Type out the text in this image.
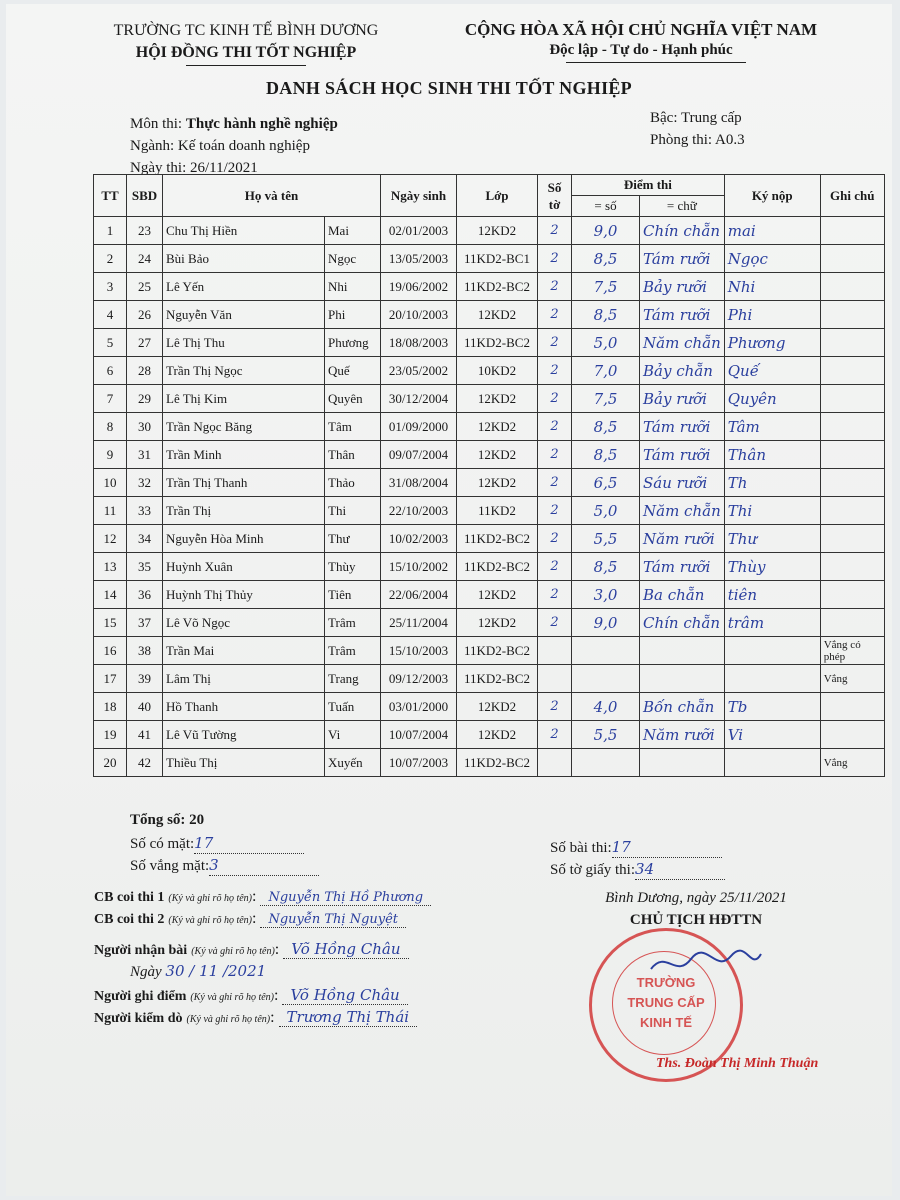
TRƯỜNG TC KINH TẾ BÌNH DƯƠNG
HỘI ĐỒNG THI TỐT NGHIỆP
CỘNG HÒA XÃ HỘI CHỦ NGHĨA VIỆT NAM
Độc lập - Tự do - Hạnh phúc
DANH SÁCH HỌC SINH THI TỐT NGHIỆP
Môn thi: Thực hành nghề nghiệp
Ngành: Kế toán doanh nghiệp
Ngày thi: 26/11/2021
Bậc: Trung cấp
Phòng thi: A0.3
TT	SBD	Họ và tên		Ngày sinh	Lớp	Số
tờ	Điểm thi		Ký nộp	Ghi chú
							= số	= chữ		
1	23	Chu Thị Hiền	Mai	02/01/2003	12KD2	2	9,0	Chín chẵn	mai	
2	24	Bùi Bảo	Ngọc	13/05/2003	11KD2-BC1	2	8,5	Tám rưỡi	Ngọc	
3	25	Lê Yến	Nhi	19/06/2002	11KD2-BC2	2	7,5	Bảy rưỡi	Nhi	
4	26	Nguyễn Văn	Phi	20/10/2003	12KD2	2	8,5	Tám rưỡi	Phi	
5	27	Lê Thị Thu	Phương	18/08/2003	11KD2-BC2	2	5,0	Năm chẵn	Phương	
6	28	Trần Thị Ngọc	Quế	23/05/2002	10KD2	2	7,0	Bảy chẵn	Quế	
7	29	Lê Thị Kim	Quyên	30/12/2004	12KD2	2	7,5	Bảy rưỡi	Quyên	
8	30	Trần Ngọc Băng	Tâm	01/09/2000	12KD2	2	8,5	Tám rưỡi	Tâm	
9	31	Trần Minh	Thân	09/07/2004	12KD2	2	8,5	Tám rưỡi	Thân	
10	32	Trần Thị Thanh	Thảo	31/08/2004	12KD2	2	6,5	Sáu rưỡi	Th	
11	33	Trần Thị	Thi	22/10/2003	11KD2	2	5,0	Năm chẵn	Thi	
12	34	Nguyễn Hòa Minh	Thư	10/02/2003	11KD2-BC2	2	5,5	Năm rưỡi	Thư	
13	35	Huỳnh Xuân	Thùy	15/10/2002	11KD2-BC2	2	8,5	Tám rưỡi	Thùy	
14	36	Huỳnh Thị Thủy	Tiên	22/06/2004	12KD2	2	3,0	Ba chẵn	tiên	
15	37	Lê Võ Ngọc	Trâm	25/11/2004	12KD2	2	9,0	Chín chẵn	trâm	
16	38	Trần Mai	Trâm	15/10/2003	11KD2-BC2					Vắng có phép
17	39	Lâm Thị	Trang	09/12/2003	11KD2-BC2					Vắng
18	40	Hồ Thanh	Tuấn	03/01/2000	12KD2	2	4,0	Bốn chẵn	Tb	
19	41	Lê Vũ Tường	Vi	10/07/2004	12KD2	2	5,5	Năm rưỡi	Vi	
20	42	Thiều Thị	Xuyến	10/07/2003	11KD2-BC2					Vắng
Tổng số: 20
Số có mặt:17
Số vắng mặt:3
Số bài thi:17
Số tờ giấy thi:34
CB coi thi 1 (Ký và ghi rõ họ tên): Nguyễn Thị Hồ Phương
CB coi thi 2 (Ký và ghi rõ họ tên): Nguyễn Thị Nguyệt
Người nhận bài (Ký và ghi rõ họ tên): Võ Hồng Châu
Ngày 30 / 11 /2021
Người ghi điểm (Ký và ghi rõ họ tên): Võ Hồng Châu
Người kiểm dò (Ký và ghi rõ họ tên): Trương Thị Thái
Bình Dương, ngày 25/11/2021
CHỦ TỊCH HĐTTN
TRƯỜNG
TRUNG CẤP
KINH TẾ
Ths. Đoàn Thị Minh Thuận
